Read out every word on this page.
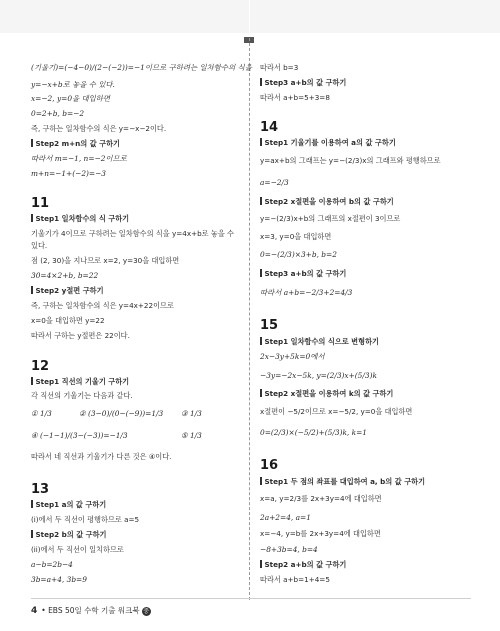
(기울기)=(−4−0)/(2−(−2))=−1이므로 구하려는 일차함수의 식을
y=−x+b로 놓을 수 있다.
x=−2, y=0을 대입하면
0=2+b, b=−2
즉, 구하는 일차함수의 식은 y=−x−2이다.
Step2 m+n의 값 구하기
따라서 m=−1, n=−2이므로
m+n=−1+(−2)=−3
11
Step1 일차함수의 식 구하기
기울기가 4이므로 구하려는 일차함수의 식을 y=4x+b로 놓을 수
있다.
점 (2, 30)을 지나므로 x=2, y=30을 대입하면
30=4×2+b, b=22
Step2 y절편 구하기
즉, 구하는 일차함수의 식은 y=4x+22이므로
x=0을 대입하면 y=22
따라서 구하는 y절편은 22이다.
12
Step1 직선의 기울기 구하기
각 직선의 기울기는 다음과 같다.
① 1/3	② (3−0)/(0−(−9))=1/3 ③ 1/3
④ (−1−1)/(3−(−3))=−1/3	⑤ 1/3
따라서 네 직선과 기울기가 다른 것은 ④이다.
13
Step1 a의 값 구하기
(i)에서 두 직선이 평행하므로 a=5
Step2 b의 값 구하기
(ii)에서 두 직선이 일치하므로
a−b=2b−4
3b=a+4, 3b=9
따라서 b=3
Step3 a+b의 값 구하기
따라서 a+b=5+3=8
14
Step1 기울기를 이용하여 a의 값 구하기
y=ax+b의 그래프는 y=−(2/3)x의 그래프와 평행하므로
a=−2/3
Step2 x절편을 이용하여 b의 값 구하기
y=−(2/3)x+b의 그래프의 x절편이 3이므로
x=3, y=0을 대입하면
0=−(2/3)×3+b, b=2
Step3 a+b의 값 구하기
따라서 a+b=−2/3+2=4/3
15
Step1 일차함수의 식으로 변형하기
2x−3y+5k=0에서
−3y=−2x−5k, y=(2/3)x+(5/3)k
Step2 x절편을 이용하여 k의 값 구하기
x절편이 −5/2이므로 x=−5/2, y=0을 대입하면
0=(2/3)×(−5/2)+(5/3)k, k=1
16
Step1 두 점의 좌표를 대입하여 a, b의 값 구하기
x=a, y=2/3를 2x+3y=4에 대입하면
2a+2=4, a=1
x=−4, y=b를 2x+3y=4에 대입하면
−8+3b=4, b=4
Step2 a+b의 값 구하기
따라서 a+b=1+4=5
4 • EBS 50일 수학 기출 워크북 중
